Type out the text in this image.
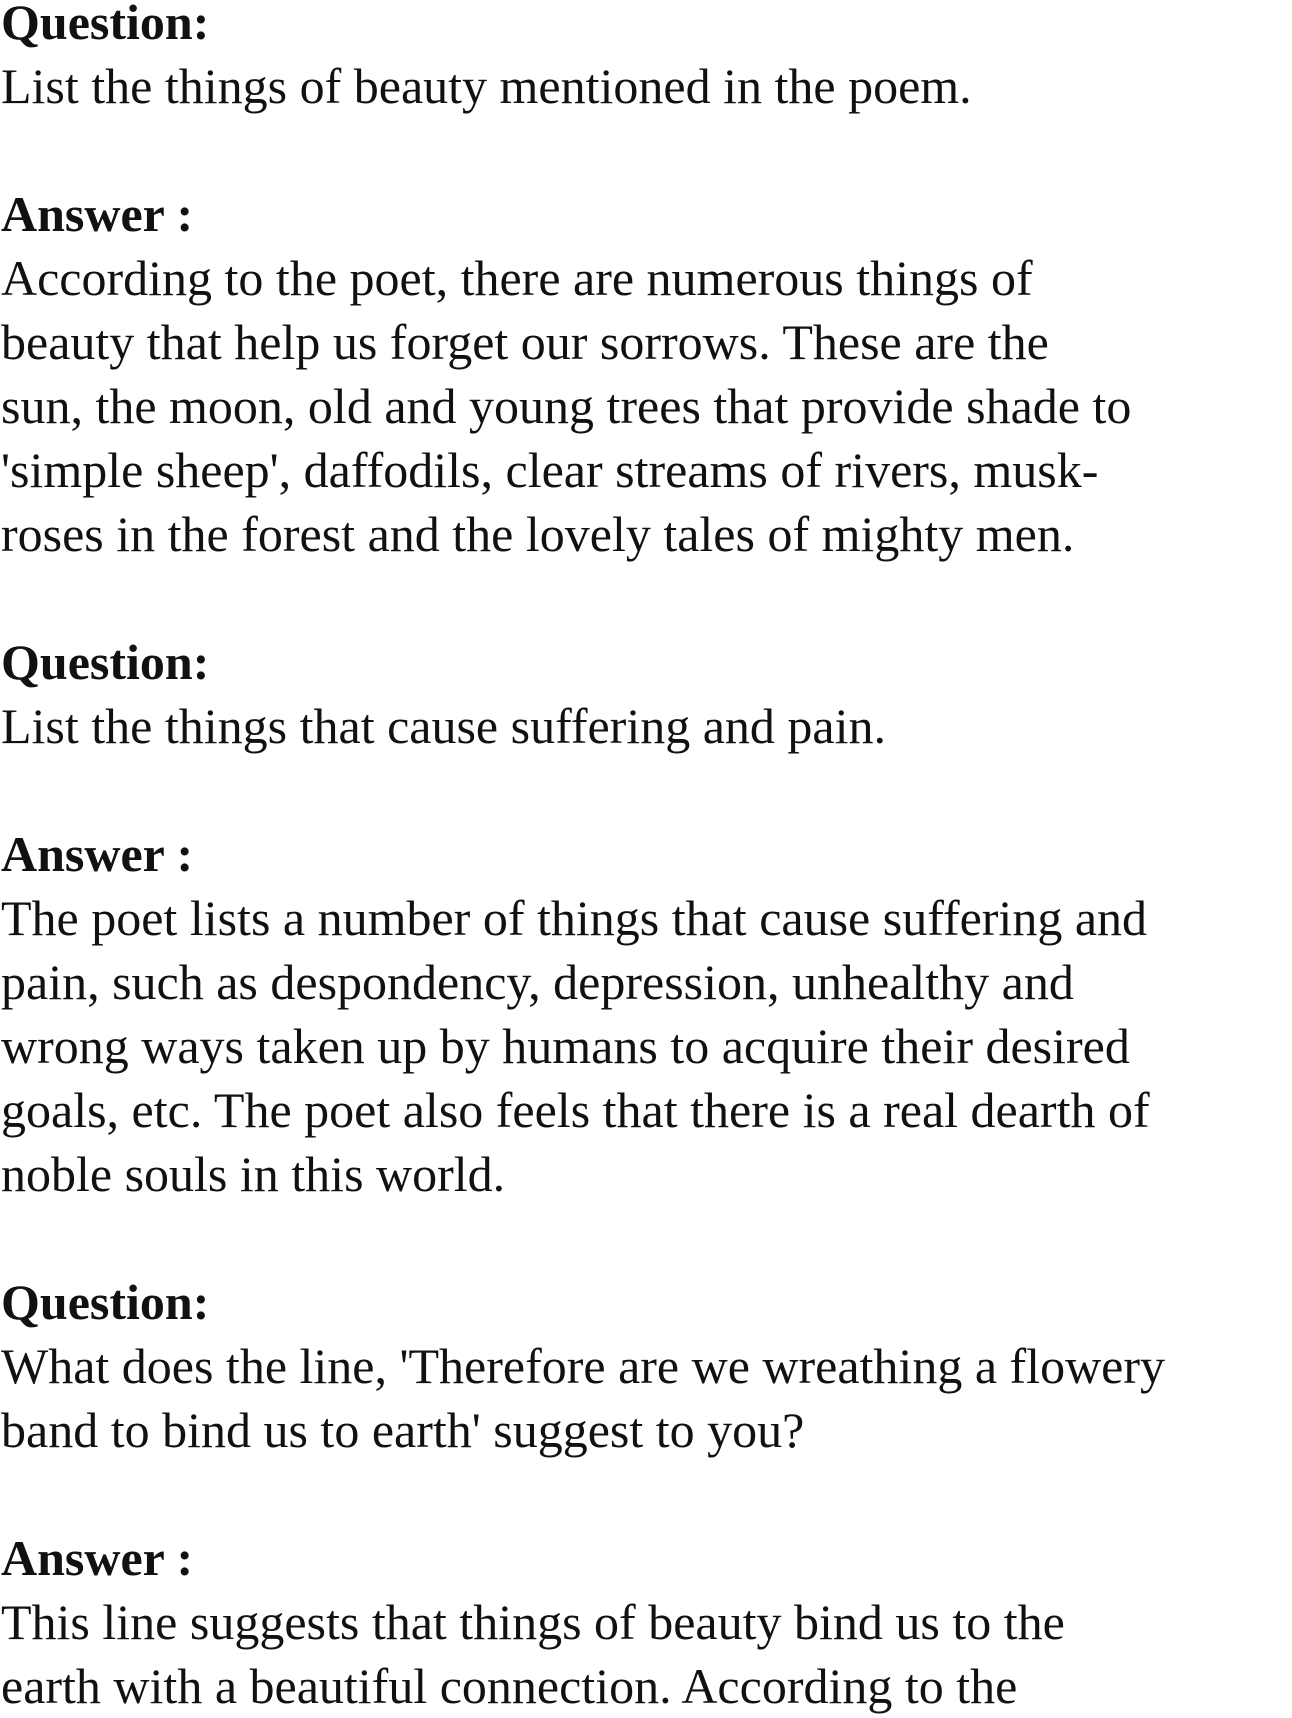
Question:

List the things of beauty mentioned in the poem.

Answer :

According to the poet, there are numerous things of

beauty that help us forget our sorrows. These are the

sun, the moon, old and young trees that provide shade to

'simple sheep', daffodils, clear streams of rivers, musk-

roses in the forest and the lovely tales of mighty men.

Question:

List the things that cause suffering and pain.

Answer :

The poet lists a number of things that cause suffering and

pain, such as despondency, depression, unhealthy and

wrong ways taken up by humans to acquire their desired

goals, etc. The poet also feels that there is a real dearth of

noble souls in this world.

Question:

What does the line, 'Therefore are we wreathing a flowery

band to bind us to earth' suggest to you?

Answer :

This line suggests that things of beauty bind us to the

earth with a beautiful connection. According to the
